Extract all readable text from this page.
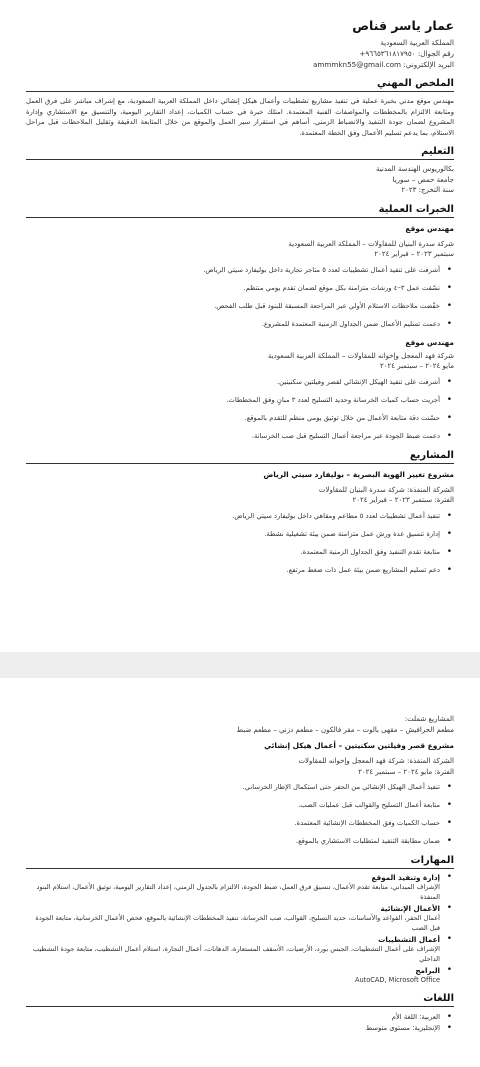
عمار ياسر قناص
المملكة العربية السعودية
رقم الجوال: ٩٦٦٥٣٦١٨١٧٩٥٠+
البريد الإلكتروني: ammmkn55@gmail.com
الملخص المهني
مهندس موقع مدني بخبرة عملية في تنفيذ مشاريع تشطيبات وأعمال هيكل إنشائي داخل المملكة العربية السعودية، مع إشراف مباشر على فرق العمل ومتابعة الالتزام بالمخططات والمواصفات الفنية المعتمدة. امتلك خبرة في حساب الكميات، إعداد التقارير اليومية، والتنسيق مع الاستشاري وإدارة المشروع لضمان جودة التنفيذ والانضباط الزمني. أساهم في استقرار سير العمل والموقع من خلال المتابعة الدقيقة وتقليل الملاحظات قبل مراحل الاستلام، بما يدعم تسليم الأعمال وفق الخطة المعتمدة.
التعليم
بكالوريوس الهندسة المدنية
جامعة حمص – سوريا
سنة التخرج: ٢٠٢٣
الخبرات العملية
مهندس موقع
شركة سدرة البنيان للمقاولات – المملكة العربية السعودية
سبتمبر ٢٠٢٣ – فبراير ٢٠٢٤
• أشرفت على تنفيذ أعمال تشطيبات لعدد ٥ متاجر تجارية داخل بوليفارد سيتي الرياض.
• نسّقت عمل ٣–٤ ورشات متزامنة بكل موقع لضمان تقدم يومي منتظم.
• خفّضت ملاحظات الاستلام الأولي عبر المراجعة المسبقة للبنود قبل طلب الفحص.
• دعمت تسليم الأعمال ضمن الجداول الزمنية المعتمدة للمشروع.
مهندس موقع
شركة فهد المعجل وإخوانه للمقاولات – المملكة العربية السعودية
مايو ٢٠٢٤ – سبتمبر ٢٠٢٤
• أشرفت على تنفيذ الهيكل الإنشائي لقصر وفيلتين سكنيتين.
• أجريت حساب كميات الخرسانة وحديد التسليح لعدد ٣ مبانٍ وفق المخططات.
• حسّنت دقة متابعة الأعمال من خلال توثيق يومي منظم للتقدم بالموقع.
• دعمت ضبط الجودة عبر مراجعة أعمال التسليح قبل صب الخرسانة.
المشاريع
مشروع تغيير الهوية البصرية – بوليفارد سيتي الرياض
الشركة المنفذة: شركة سدرة البنيان للمقاولات
الفترة: سبتمبر ٢٠٢٣ – فبراير ٢٠٢٤
• تنفيذ أعمال تشطيبات لعدد ٥ مطاعم ومقاهي داخل بوليفارد سيتي الرياض.
• إدارة تنسيق عدة ورش عمل متزامنة ضمن بيئة تشغيلية نشطة.
• متابعة تقدم التنفيذ وفق الجداول الزمنية المعتمدة.
• دعم تسليم المشاريع ضمن بيئة عمل ذات ضغط مرتفع.
المشاريع شملت:
مطعم الحرافيش – مقهى بالوت – مقر فالكون – مطعم دزني – مطعم ضبط
مشروع قصر وفيلتين سكنيتين – أعمال هيكل إنشائي
الشركة المنفذة: شركة فهد المعجل وإخوانه للمقاولات
الفترة: مايو ٢٠٢٤ – سبتمبر ٢٠٢٤
• تنفيذ أعمال الهيكل الإنشائي من الحفر حتى استكمال الإطار الخرساني.
• متابعة أعمال التسليح والقوالب قبل عمليات الصب.
• حساب الكميات وفق المخططات الإنشائية المعتمدة.
• ضمان مطابقة التنفيذ لمتطلبات الاستشاري بالموقع.
المهارات
• إدارة وتنفيذ الموقع
الإشراف الميداني، متابعة تقدم الأعمال، تنسيق فرق العمل، ضبط الجودة، الالتزام بالجدول الزمني، إعداد التقارير اليومية، توثيق الأعمال، استلام البنود المنفذة
• الأعمال الإنشائية
أعمال الحفر، القواعد والأساسات، حديد التسليح، القوالب، صب الخرسانة، تنفيذ المخططات الإنشائية بالموقع، فحص الأعمال الخرسانية، متابعة الجودة قبل الصب
• أعمال التشطيبات
الإشراف على أعمال التشطيبات، الجبس بورد، الأرضيات، الأسقف المستعارة، الدهانات، أعمال النجارة، استلام أعمال التشطيب، متابعة جودة التشطيب الداخلي
• البرامج
AutoCAD, Microsoft Office
اللغات
• العربية: اللغة الأم
• الإنجليزية: مستوى متوسط
